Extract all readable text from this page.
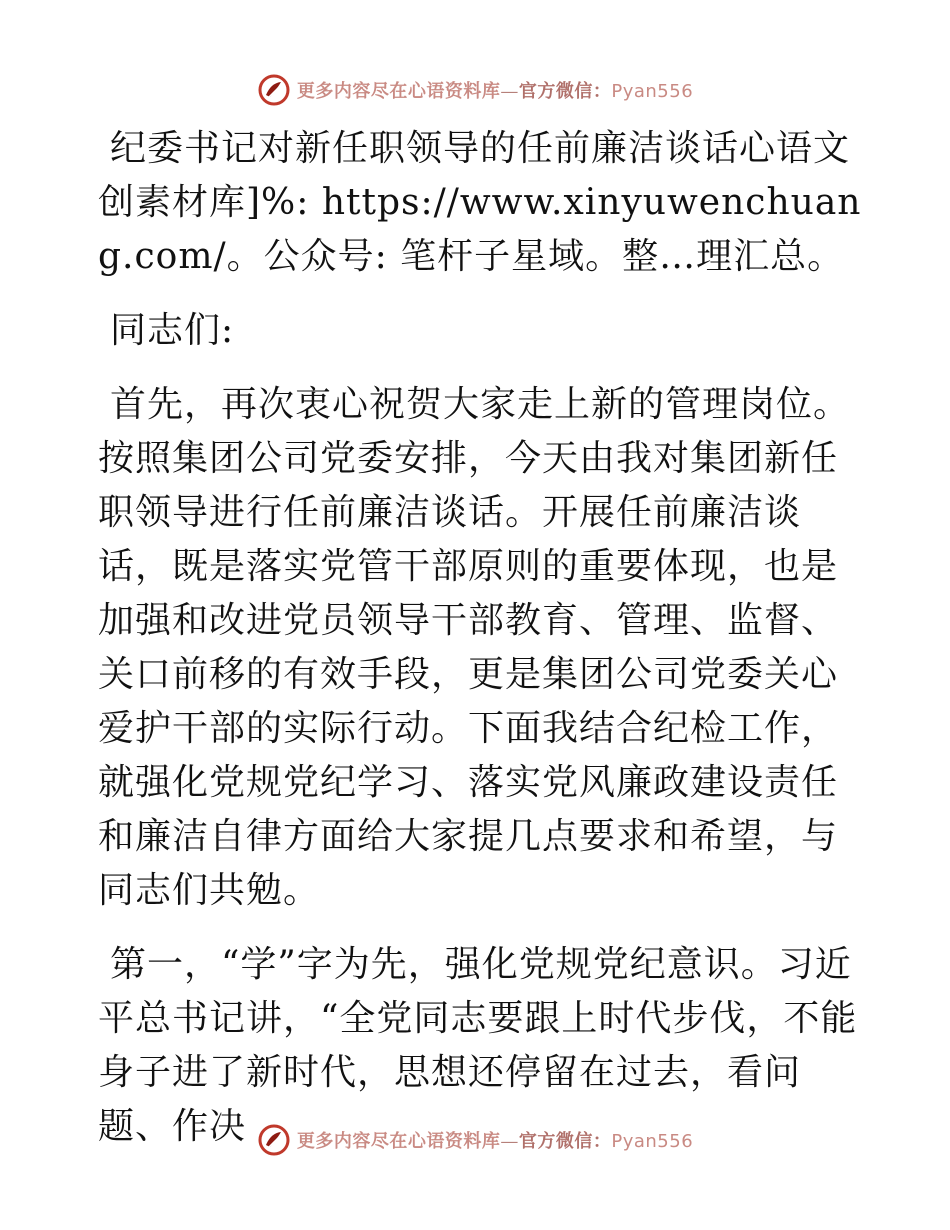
更多内容尽在心语资料库—官方微信：Pyan556

纪委书记对新任职领导的任前廉洁谈话心语文创素材库]%: https://www.xinyuwenchuang.com/。公众号: 笔杆子星域。整…理汇总。

同志们:

首先，再次衷心祝贺大家走上新的管理岗位。按照集团公司党委安排，今天由我对集团新任职领导进行任前廉洁谈话。开展任前廉洁谈话，既是落实党管干部原则的重要体现，也是加强和改进党员领导干部教育、管理、监督、关口前移的有效手段，更是集团公司党委关心爱护干部的实际行动。下面我结合纪检工作，就强化党规党纪学习、落实党风廉政建设责任和廉洁自律方面给大家提几点要求和希望，与同志们共勉。

第一，“学”字为先，强化党规党纪意识。习近平总书记讲，“全党同志要跟上时代步伐，不能身子进了新时代，思想还停留在过去，看问题、作决	更多内容尽在心语资料库—官方微信：Pyan556
